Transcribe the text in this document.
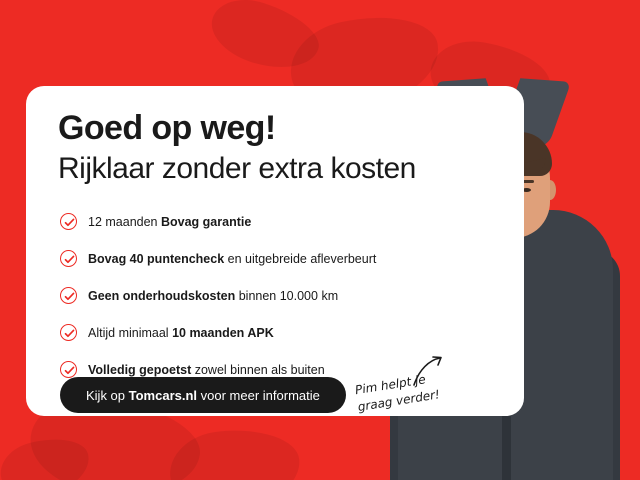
Goed op weg!
Rijklaar zonder extra kosten
12 maanden Bovag garantie
Bovag 40 puntencheck en uitgebreide afleverbeurt
Geen onderhoudskosten binnen 10.000 km
Altijd minimaal 10 maanden APK
Volledig gepoetst zowel binnen als buiten
Kijk op Tomcars.nl voor meer informatie	Pim helpt je graag verder!
